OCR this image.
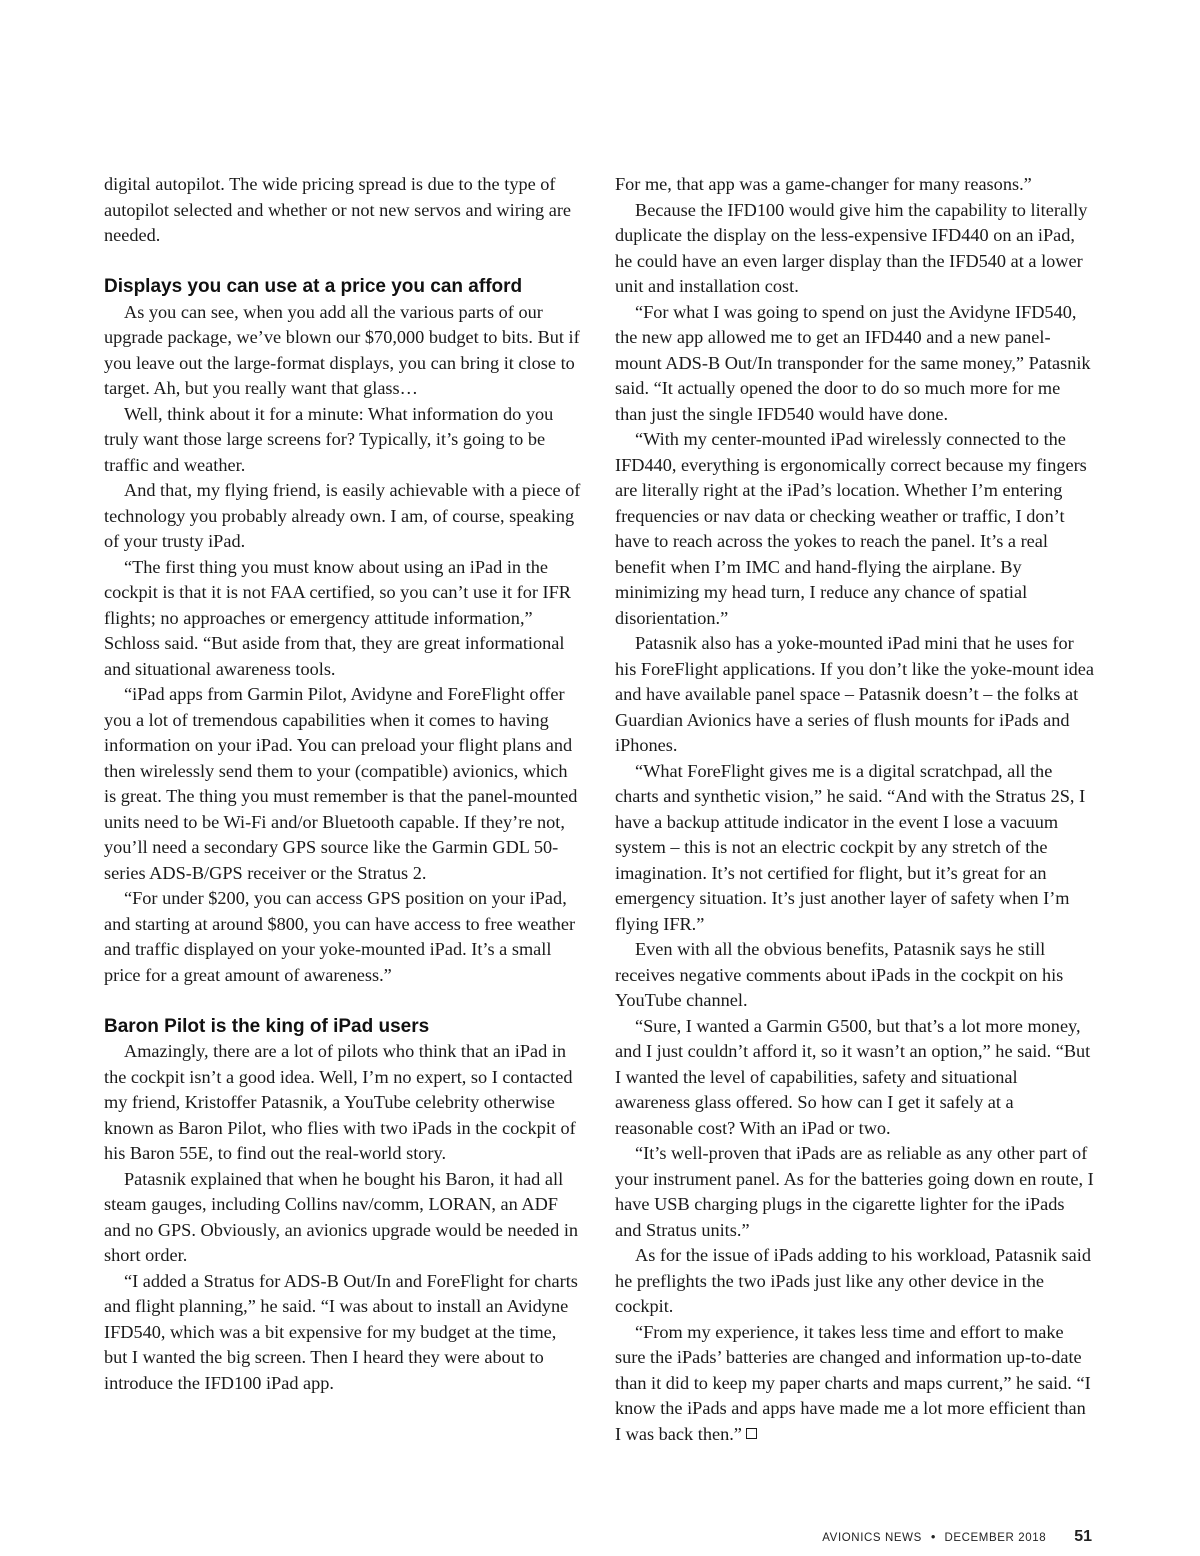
digital autopilot. The wide pricing spread is due to the type of autopilot selected and whether or not new servos and wiring are needed.

Displays you can use at a price you can afford

As you can see, when you add all the various parts of our upgrade package, we’ve blown our $70,000 budget to bits. But if you leave out the large-format displays, you can bring it close to target. Ah, but you really want that glass…

Well, think about it for a minute: What information do you truly want those large screens for? Typically, it’s going to be traffic and weather.

And that, my flying friend, is easily achievable with a piece of technology you probably already own. I am, of course, speaking of your trusty iPad.

“The first thing you must know about using an iPad in the cockpit is that it is not FAA certified, so you can’t use it for IFR flights; no approaches or emergency attitude information,” Schloss said. “But aside from that, they are great informational and situational awareness tools.

“iPad apps from Garmin Pilot, Avidyne and ForeFlight offer you a lot of tremendous capabilities when it comes to having information on your iPad. You can preload your flight plans and then wirelessly send them to your (compatible) avionics, which is great. The thing you must remember is that the panel-mounted units need to be Wi-Fi and/or Bluetooth capable. If they’re not, you’ll need a secondary GPS source like the Garmin GDL 50-series ADS-B/GPS receiver or the Stratus 2.

“For under $200, you can access GPS position on your iPad, and starting at around $800, you can have access to free weather and traffic displayed on your yoke-mounted iPad. It’s a small price for a great amount of awareness.”

Baron Pilot is the king of iPad users

Amazingly, there are a lot of pilots who think that an iPad in the cockpit isn’t a good idea. Well, I’m no expert, so I contacted my friend, Kristoffer Patasnik, a YouTube celebrity otherwise known as Baron Pilot, who flies with two iPads in the cockpit of his Baron 55E, to find out the real-world story.

Patasnik explained that when he bought his Baron, it had all steam gauges, including Collins nav/comm, LORAN, an ADF and no GPS. Obviously, an avionics upgrade would be needed in short order.

“I added a Stratus for ADS-B Out/In and ForeFlight for charts and flight planning,” he said. “I was about to install an Avidyne IFD540, which was a bit expensive for my budget at the time, but I wanted the big screen. Then I heard they were about to introduce the IFD100 iPad app.

For me, that app was a game-changer for many reasons.”

Because the IFD100 would give him the capability to literally duplicate the display on the less-expensive IFD440 on an iPad, he could have an even larger display than the IFD540 at a lower unit and installation cost.

“For what I was going to spend on just the Avidyne IFD540, the new app allowed me to get an IFD440 and a new panel-mount ADS-B Out/In transponder for the same money,” Patasnik said. “It actually opened the door to do so much more for me than just the single IFD540 would have done.

“With my center-mounted iPad wirelessly connected to the IFD440, everything is ergonomically correct because my fingers are literally right at the iPad’s location. Whether I’m entering frequencies or nav data or checking weather or traffic, I don’t have to reach across the yokes to reach the panel. It’s a real benefit when I’m IMC and hand-flying the airplane. By minimizing my head turn, I reduce any chance of spatial disorientation.”

Patasnik also has a yoke-mounted iPad mini that he uses for his ForeFlight applications. If you don’t like the yoke-mount idea and have available panel space – Patasnik doesn’t – the folks at Guardian Avionics have a series of flush mounts for iPads and iPhones.

“What ForeFlight gives me is a digital scratchpad, all the charts and synthetic vision,” he said. “And with the Stratus 2S, I have a backup attitude indicator in the event I lose a vacuum system – this is not an electric cockpit by any stretch of the imagination. It’s not certified for flight, but it’s great for an emergency situation. It’s just another layer of safety when I’m flying IFR.”

Even with all the obvious benefits, Patasnik says he still receives negative comments about iPads in the cockpit on his YouTube channel.

“Sure, I wanted a Garmin G500, but that’s a lot more money, and I just couldn’t afford it, so it wasn’t an option,” he said. “But I wanted the level of capabilities, safety and situational awareness glass offered. So how can I get it safely at a reasonable cost? With an iPad or two.

“It’s well-proven that iPads are as reliable as any other part of your instrument panel. As for the batteries going down en route, I have USB charging plugs in the cigarette lighter for the iPads and Stratus units.”

As for the issue of iPads adding to his workload, Patasnik said he preflights the two iPads just like any other device in the cockpit.

“From my experience, it takes less time and effort to make sure the iPads’ batteries are changed and information up-to-date than it did to keep my paper charts and maps current,” he said. “I know the iPads and apps have made me a lot more efficient than I was back then.”

AVIONICS NEWS • DECEMBER 2018 51
